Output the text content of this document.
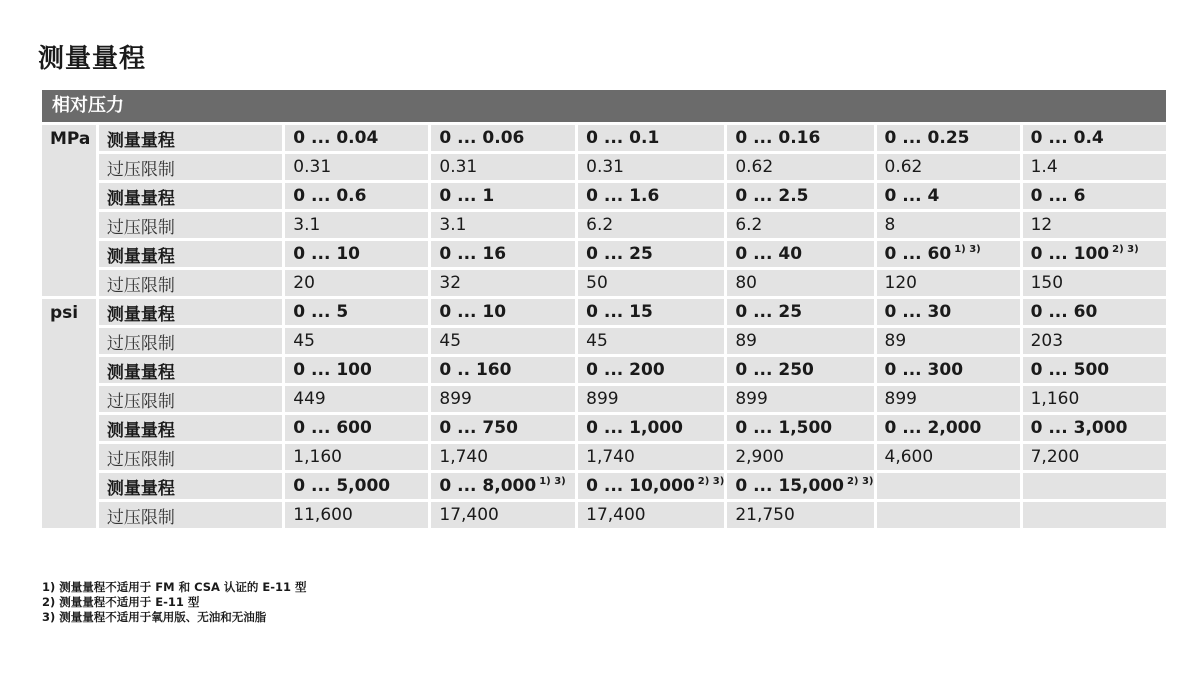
测量量程
相对压力
MPa	测量量程	0 ... 0.04	0 ... 0.06	0 ... 0.1	0 ... 0.16	0 ... 0.25	0 ... 0.4
	过压限制	0.31	0.31	0.31	0.62	0.62	1.4
	测量量程	0 ... 0.6	0 ... 1	0 ... 1.6	0 ... 2.5	0 ... 4	0 ... 6
	过压限制	3.1	3.1	6.2	6.2	8	12
	测量量程	0 ... 10	0 ... 16	0 ... 25	0 ... 40	0 ... 60 $^{1) 3)}$	0 ... 100 $^{2) 3)}$
	过压限制	20	32	50	80	120	150
psi	测量量程	0 ... 5	0 ... 10	0 ... 15	0 ... 25	0 ... 30	0 ... 60
	过压限制	45	45	45	89	89	203
	测量量程	0 ... 100	0 .. 160	0 ... 200	0 ... 250	0 ... 300	0 ... 500
	过压限制	449	899	899	899	899	1,160
	测量量程	0 ... 600	0 ... 750	0 ... 1,000	0 ... 1,500	0 ... 2,000	0 ... 3,000
	过压限制	1,160	1,740	1,740	2,900	4,600	7,200
	测量量程	0 ... 5,000	0 ... 8,000 $^{1) 3)}$	0 ... 10,000 $^{2) 3)}$	0 ... 15,000 $^{2) 3)}$		
	过压限制	11,600	17,400	17,400	21,750		
1) 测量量程不适用于 FM 和 CSA 认证的 E-11 型
2) 测量量程不适用于 E-11 型
3) 测量量程不适用于氧用版、无油和无油脂
